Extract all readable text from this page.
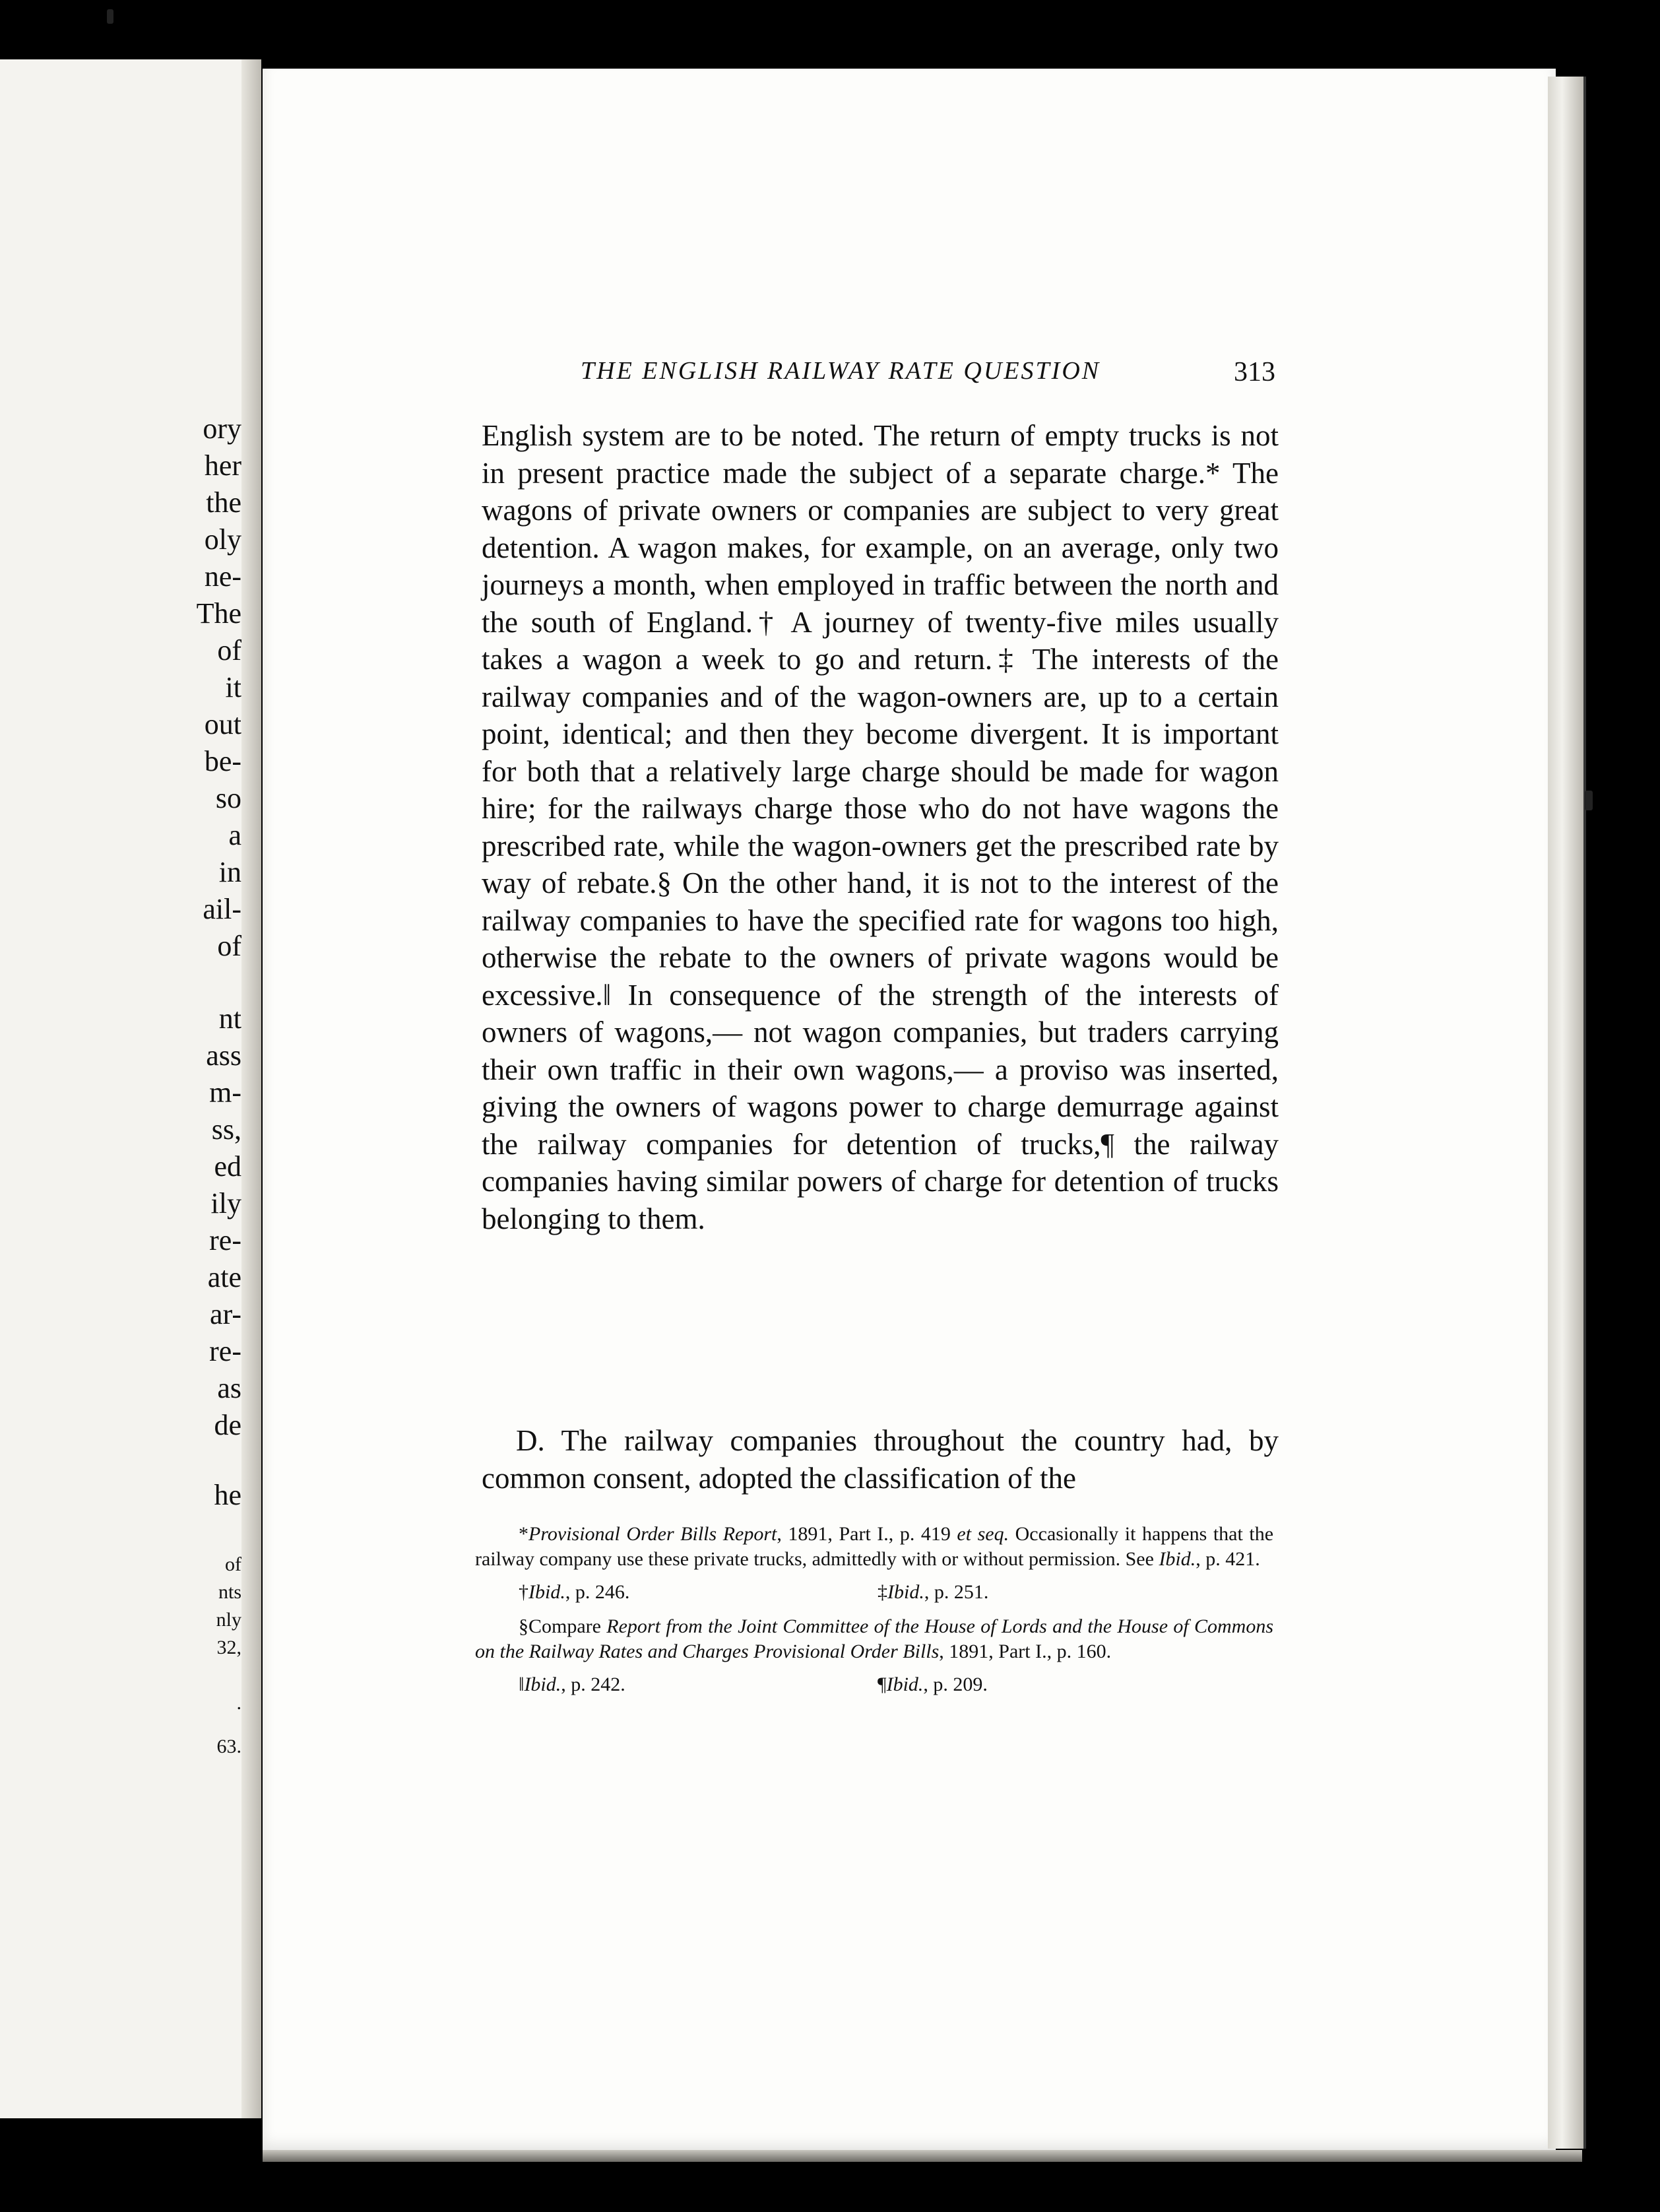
ory
her
the
oly
ne-
The
of
it
out
be-
so
a
in
ail-
of
nt
ass
m-
ss,
ed
ily
re-
ate
ar-
re-
as
de
he
of
nts
nly
32,
.
63.
THE ENGLISH RAILWAY RATE QUESTION	313

English system are to be noted. The return of empty trucks is not in present practice made the subject of a separate charge.* The wagons of private owners or companies are subject to very great detention. A wagon makes, for example, on an average, only two journeys a month, when employed in traffic between the north and the south of England.† A journey of twenty-five miles usually takes a wagon a week to go and return.‡ The interests of the railway companies and of the wagon-owners are, up to a certain point, identical; and then they become divergent. It is important for both that a relatively large charge should be made for wagon hire; for the railways charge those who do not have wagons the prescribed rate, while the wagon-owners get the prescribed rate by way of rebate.§ On the other hand, it is not to the interest of the railway companies to have the specified rate for wagons too high, otherwise the rebate to the owners of private wagons would be excessive.‖ In consequence of the strength of the interests of owners of wagons,— not wagon companies, but traders carrying their own traffic in their own wagons,— a proviso was inserted, giving the owners of wagons power to charge demurrage against the railway companies for detention of trucks,¶ the railway companies having similar powers of charge for detention of trucks belonging to them.

D. The railway companies throughout the country had, by common consent, adopted the classification of the

*Provisional Order Bills Report, 1891, Part I., p. 419 et seq. Occasionally it happens that the railway company use these private trucks, admittedly with or without permission. See Ibid., p. 421.

†Ibid., p. 246.	‡Ibid., p. 251.

§Compare Report from the Joint Committee of the House of Lords and the House of Commons on the Railway Rates and Charges Provisional Order Bills, 1891, Part I., p. 160.

‖Ibid., p. 242.	¶Ibid., p. 209.
